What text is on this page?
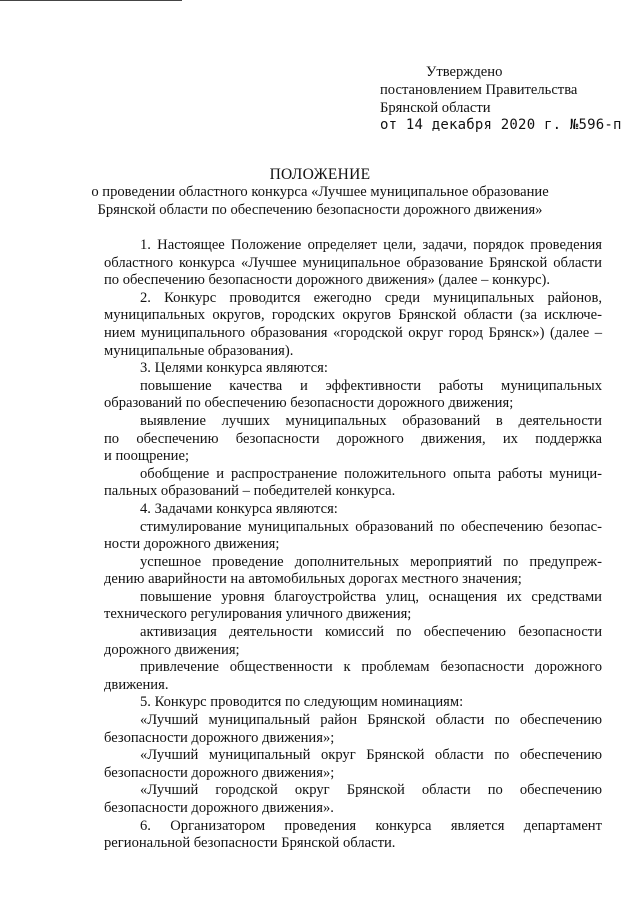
Утверждено
постановлением Правительства
Брянской области
от 14 декабря 2020 г. №596-п
ПОЛОЖЕНИЕ
о проведении областного конкурса «Лучшее муниципальное образование
Брянской области по обеспечению безопасности дорожного движения»
1. Настоящее Положение определяет цели, задачи, порядок проведения
областного конкурса «Лучшее муниципальное образование Брянской области
по обеспечению безопасности дорожного движения» (далее – конкурс).
2. Конкурс проводится ежегодно среди муниципальных районов,
муниципальных округов, городских округов Брянской области (за исключе-
нием муниципального образования «городской округ город Брянск») (далее –
муниципальные образования).
3. Целями конкурса являются:
повышение качества и эффективности работы муниципальных
образований по обеспечению безопасности дорожного движения;
выявление лучших муниципальных образований в деятельности
по обеспечению безопасности дорожного движения, их поддержка
и поощрение;
обобщение и распространение положительного опыта работы муници-
пальных образований – победителей конкурса.
4. Задачами конкурса являются:
стимулирование муниципальных образований по обеспечению безопас-
ности дорожного движения;
успешное проведение дополнительных мероприятий по предупреж-
дению аварийности на автомобильных дорогах местного значения;
повышение уровня благоустройства улиц, оснащения их средствами
технического регулирования уличного движения;
активизация деятельности комиссий по обеспечению безопасности
дорожного движения;
привлечение общественности к проблемам безопасности дорожного
движения.
5. Конкурс проводится по следующим номинациям:
«Лучший муниципальный район Брянской области по обеспечению
безопасности дорожного движения»;
«Лучший муниципальный округ Брянской области по обеспечению
безопасности дорожного движения»;
«Лучший городской округ Брянской области по обеспечению
безопасности дорожного движения».
6. Организатором проведения конкурса является департамент
региональной безопасности Брянской области.
